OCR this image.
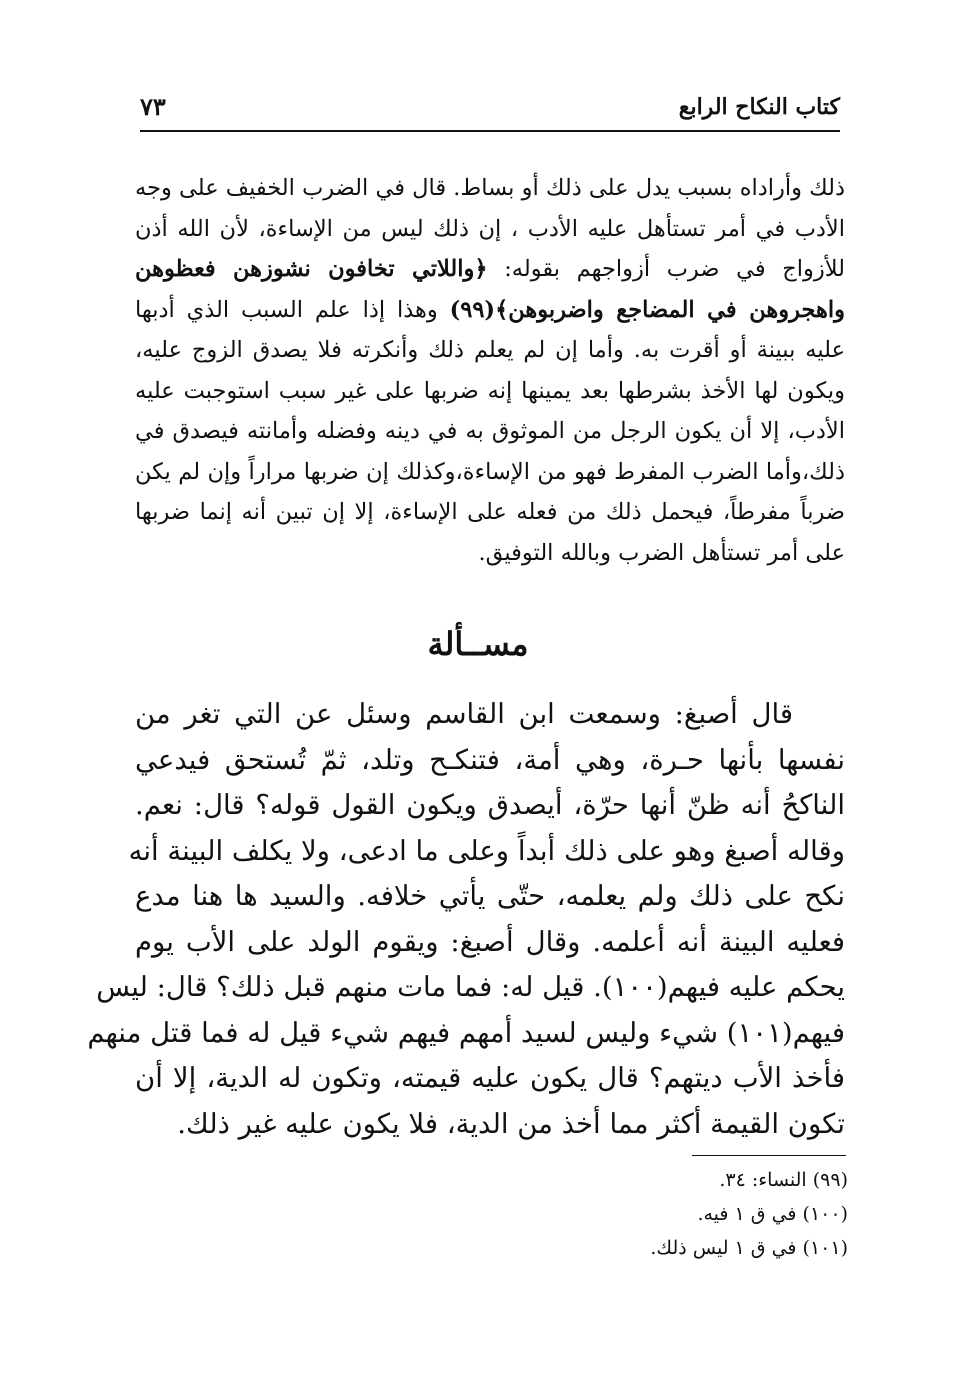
كتاب النكاح الرابع
٧٣
ذلك وأراداه بسبب يدل على ذلك أو بساط. قال في الضرب الخفيف على وجه
الأدب في أمر تستأهل عليه الأدب ، إن ذلك ليس من الإساءة، لأن الله أذن
للأزواج في ضرب أزواجهم بقوله: ﴿واللاتي تخافون نشوزهن فعظوهن
واهجروهن في المضاجع واضربوهن﴾(٩٩) وهذا إذا علم السبب الذي أدبها
عليه ببينة أو أقرت به. وأما إن لم يعلم ذلك وأنكرته فلا يصدق الزوج عليه،
ويكون لها الأخذ بشرطها بعد يمينها إنه ضربها على غير سبب استوجبت عليه
الأدب، إلا أن يكون الرجل من الموثوق به في دينه وفضله وأمانته فيصدق في
ذلك،وأما الضرب المفرط فهو من الإساءة،وكذلك إن ضربها مراراً وإن لم يكن
ضرباً مفرطاً، فيحمل ذلك من فعله على الإساءة، إلا إن تبين أنه إنما ضربها
على أمر تستأهل الضرب وبالله التوفيق.
مســألة
قال أصبغ: وسمعت ابن القاسم وسئل عن التي تغر من
نفسها بأنها حـرة، وهي أمة، فتنكـح وتلد، ثمّ تُستحق فيدعي
الناكحُ أنه ظنّ أنها حرّة، أيصدق ويكون القول قوله؟ قال: نعم.
وقاله أصبغ وهو على ذلك أبداً وعلى ما ادعى، ولا يكلف البينة أنه
نكح على ذلك ولم يعلمه، حتّى يأتي خلافه. والسيد ها هنا مدع
فعليه البينة أنه أعلمه. وقال أصبغ: ويقوم الولد على الأب يوم
يحكم عليه فيهم(١٠٠). قيل له: فما مات منهم قبل ذلك؟ قال: ليس
فيهم(١٠١) شيء وليس لسيد أمهم فيهم شيء قيل له فما قتل منهم
فأخذ الأب ديتهم؟ قال يكون عليه قيمته، وتكون له الدية، إلا أن
تكون القيمة أكثر مما أخذ من الدية، فلا يكون عليه غير ذلك.
(٩٩) النساء: ٣٤.
(١٠٠) في ق ١ فيه.
(١٠١) في ق ١ ليس ذلك.
